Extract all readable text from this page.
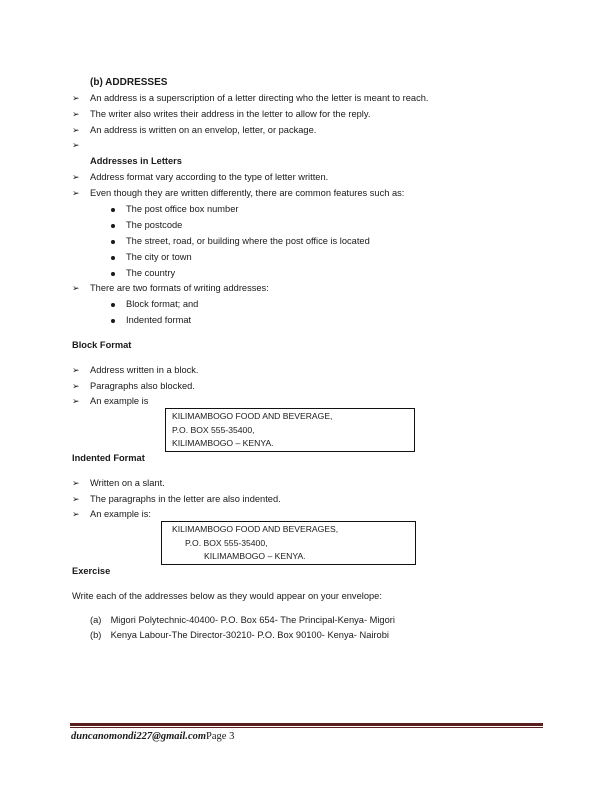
(b) ADDRESSES
➢ An address is a superscription of a letter directing who the letter is meant to reach.
➢ The writer also writes their address in the letter to allow for the reply.
➢ An address is written on an envelop, letter, or package.
➢
Addresses in Letters
➢ Address format vary according to the type of letter written.
➢ Even though they are written differently, there are common features such as:
The post office box number
The postcode
The street, road, or building where the post office is located
The city or town
The country
➢ There are two formats of writing addresses:
Block format; and
Indented format
Block Format
➢ Address written in a block.
➢ Paragraphs also blocked.
➢ An example is
KILIMAMBOGO FOOD AND BEVERAGE,
P.O. BOX 555-35400,
KILIMAMBOGO – KENYA.
Indented Format
➢ Written on a slant.
➢ The paragraphs in the letter are also indented.
➢ An example is:
KILIMAMBOGO FOOD AND BEVERAGES,
P.O. BOX 555-35400,
KILIMAMBOGO – KENYA.
Exercise
Write each of the addresses below as they would appear on your envelope:
(a) Migori Polytechnic-40400- P.O. Box 654- The Principal-Kenya- Migori
(b) Kenya Labour-The Director-30210- P.O. Box 90100- Kenya- Nairobi
duncanomondi227@gmail.comPage 3
